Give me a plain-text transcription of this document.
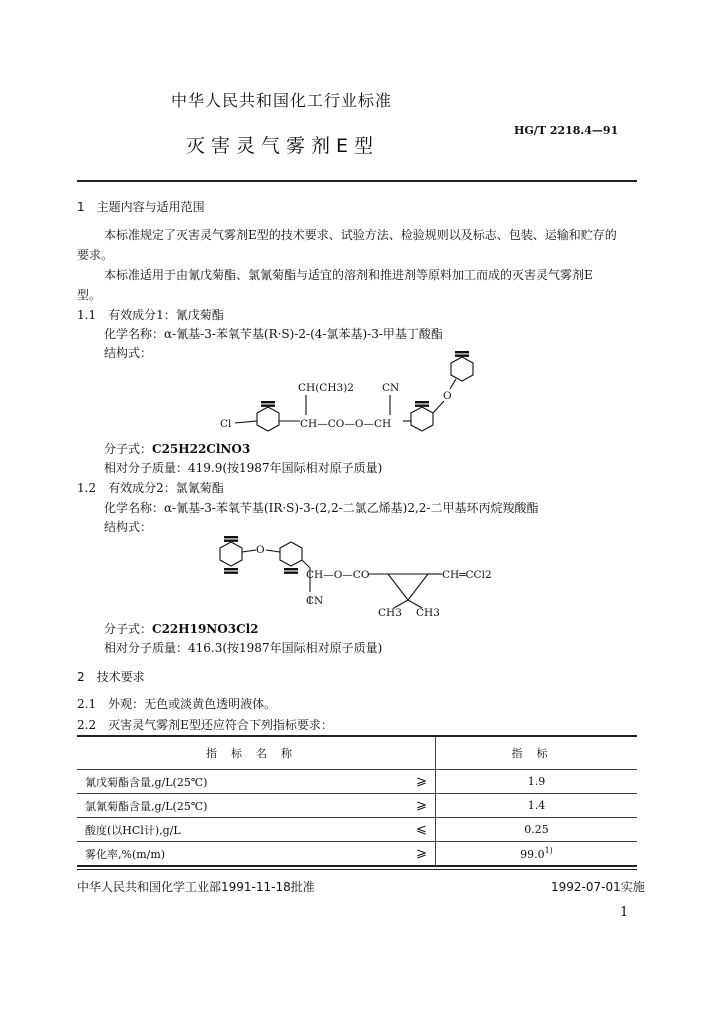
中华人民共和国化工行业标准
HG/T 2218.4—91
灭害灵气雾剂E型
1　主题内容与适用范围
本标准规定了灭害灵气雾剂E型的技术要求、试验方法、检验规则以及标志、包装、运输和贮存的
要求。
本标准适用于由氰戊菊酯、氯氰菊酯与适宜的溶剂和推进剂等原料加工而成的灭害灵气雾剂E
型。
1.1　有效成分1：氰戊菊酯
化学名称：α-氰基-3-苯氧苄基(R·S)-2-(4-氯苯基)-3-甲基丁酸酯
结构式：
Cl
CH(CH3)2	CN
CH—CO—O—CH
O
分子式：C25H22ClNO3
相对分子质量：419.9(按1987年国际相对原子质量)
1.2　有效成分2：氯氰菊酯
化学名称：α-氰基-3-苯氧苄基(IR·S)-3-(2,2-二氯乙烯基)2,2-二甲基环丙烷羧酸酯
结构式：
O
CH—O—CO
CN
CH═CCl2
CH3 CH3
分子式：C22H19NO3Cl2
相对分子质量：416.3(按1987年国际相对原子质量)
2　技术要求
2.1　外观：无色或淡黄色透明液体。
2.2　灭害灵气雾剂E型还应符合下列指标要求：
指标名称		指标
氰戊菊酯含量,g/L(25℃)	⩾	1.9
氯氰菊酯含量,g/L(25℃)	⩾	1.4
酸度(以HCl计),g/L	⩽	0.25
雾化率,%(m/m)	⩾	99.0$^{1)}$
中华人民共和国化学工业部1991-11-18批准	1992-07-01实施
1
